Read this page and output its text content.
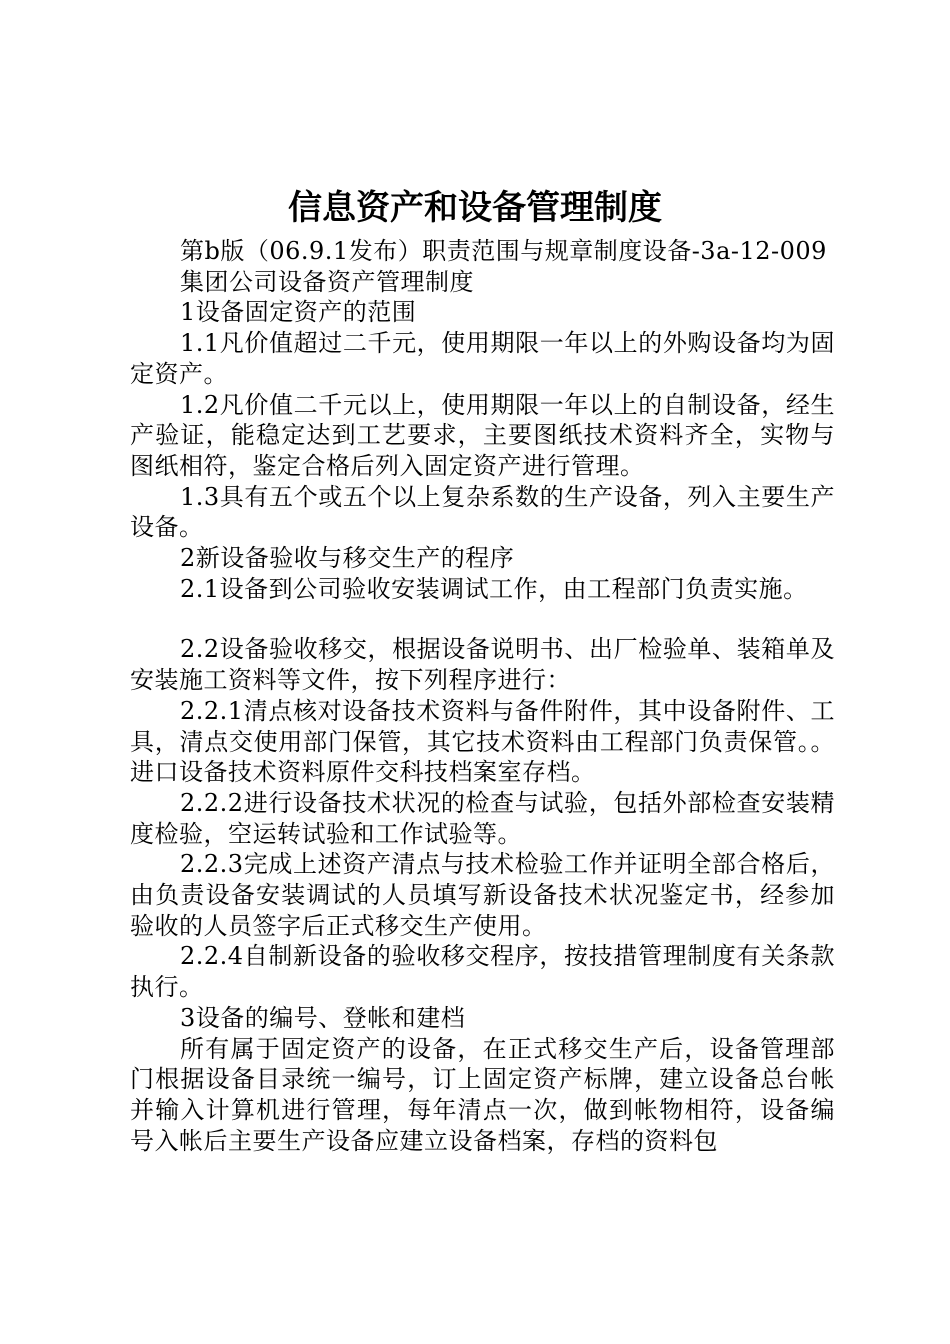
信息资产和设备管理制度

第b版（06.9.1发布）职责范围与规章制度设备-3a-12-009

集团公司设备资产管理制度

1设备固定资产的范围

1.1凡价值超过二千元，使用期限一年以上的外购设备均为固定资产。

1.2凡价值二千元以上，使用期限一年以上的自制设备，经生产验证，能稳定达到工艺要求，主要图纸技术资料齐全，实物与图纸相符，鉴定合格后列入固定资产进行管理。

1.3具有五个或五个以上复杂系数的生产设备，列入主要生产设备。

2新设备验收与移交生产的程序

2.1设备到公司验收安装调试工作，由工程部门负责实施。

2.2设备验收移交，根据设备说明书、出厂检验单、装箱单及安装施工资料等文件，按下列程序进行：

2.2.1清点核对设备技术资料与备件附件，其中设备附件、工具，清点交使用部门保管，其它技术资料由工程部门负责保管。。进口设备技术资料原件交科技档案室存档。

2.2.2进行设备技术状况的检查与试验，包括外部检查安装精度检验，空运转试验和工作试验等。

2.2.3完成上述资产清点与技术检验工作并证明全部合格后，由负责设备安装调试的人员填写新设备技术状况鉴定书，经参加验收的人员签字后正式移交生产使用。

2.2.4自制新设备的验收移交程序，按技措管理制度有关条款执行。

3设备的编号、登帐和建档

所有属于固定资产的设备，在正式移交生产后，设备管理部门根据设备目录统一编号，订上固定资产标牌，建立设备总台帐并输入计算机进行管理，每年清点一次，做到帐物相符，设备编号入帐后主要生产设备应建立设备档案，存档的资料包
